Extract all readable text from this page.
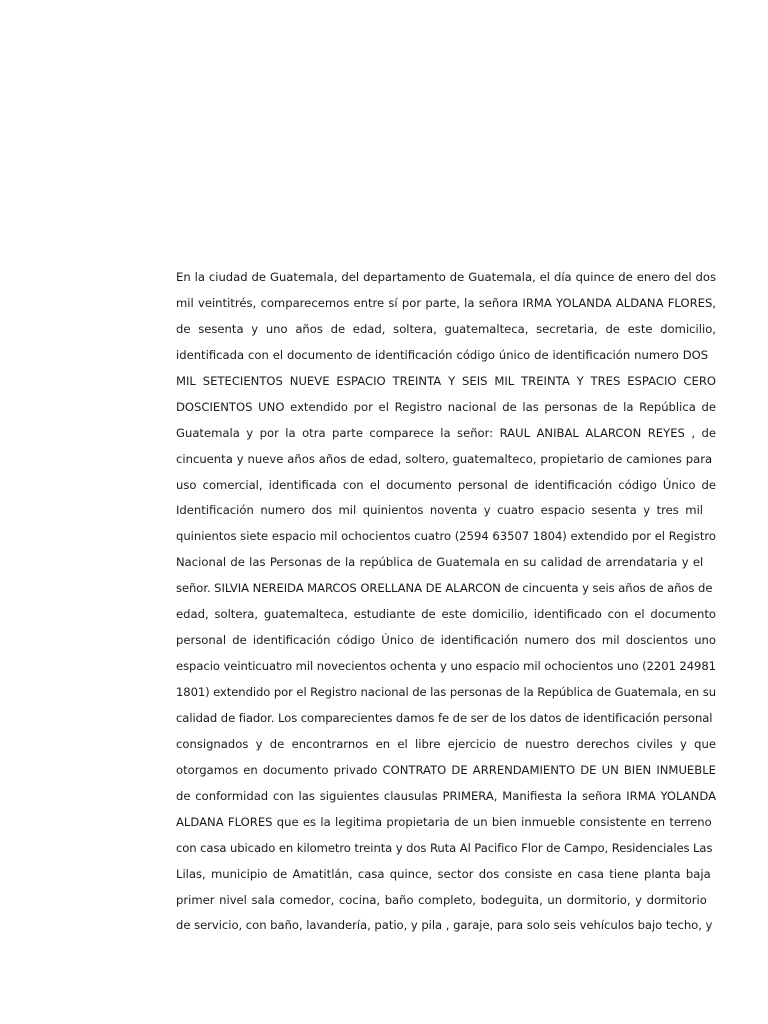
En la ciudad de Guatemala, del departamento de Guatemala, el día quince de enero del dos
mil veintitrés, comparecemos entre sí por parte, la señora IRMA YOLANDA ALDANA FLORES,
de sesenta y uno años de edad, soltera, guatemalteca, secretaria, de este domicilio,
identificada con el documento de identificación código único de identificación numero DOS
MIL SETECIENTOS NUEVE ESPACIO TREINTA Y SEIS MIL TREINTA Y TRES ESPACIO CERO
DOSCIENTOS UNO extendido por el Registro nacional de las personas de la República de
Guatemala y por la otra parte comparece la señor: RAUL ANIBAL ALARCON REYES , de
cincuenta y nueve años años de edad, soltero, guatemalteco, propietario de camiones para
uso comercial, identificada con el documento personal de identificación código Único de
Identificación numero dos mil quinientos noventa y cuatro espacio sesenta y tres mil
quinientos siete espacio mil ochocientos cuatro (2594 63507 1804) extendido por el Registro
Nacional de las Personas de la república de Guatemala en su calidad de arrendataria y el
señor. SILVIA NEREIDA MARCOS ORELLANA DE ALARCON de cincuenta y seis años de años de
edad, soltera, guatemalteca, estudiante de este domicilio, identificado con el documento
personal de identificación código Único de identificación numero dos mil doscientos uno
espacio veinticuatro mil novecientos ochenta y uno espacio mil ochocientos uno (2201 24981
1801) extendido por el Registro nacional de las personas de la República de Guatemala, en su
calidad de fiador. Los comparecientes damos fe de ser de los datos de identificación personal
consignados y de encontrarnos en el libre ejercicio de nuestro derechos civiles y que
otorgamos en documento privado CONTRATO DE ARRENDAMIENTO DE UN BIEN INMUEBLE
de conformidad con las siguientes clausulas PRIMERA, Manifiesta la señora IRMA YOLANDA
ALDANA FLORES que es la legitima propietaria de un bien inmueble consistente en terreno
con casa ubicado en kilometro treinta y dos Ruta Al Pacifico Flor de Campo, Residenciales Las
Lilas, municipio de Amatitlán, casa quince, sector dos consiste en casa tiene planta baja
primer nivel sala comedor, cocina, baño completo, bodeguita, un dormitorio, y dormitorio
de servicio, con baño, lavandería, patio, y pila , garaje, para solo seis vehículos bajo techo, y
